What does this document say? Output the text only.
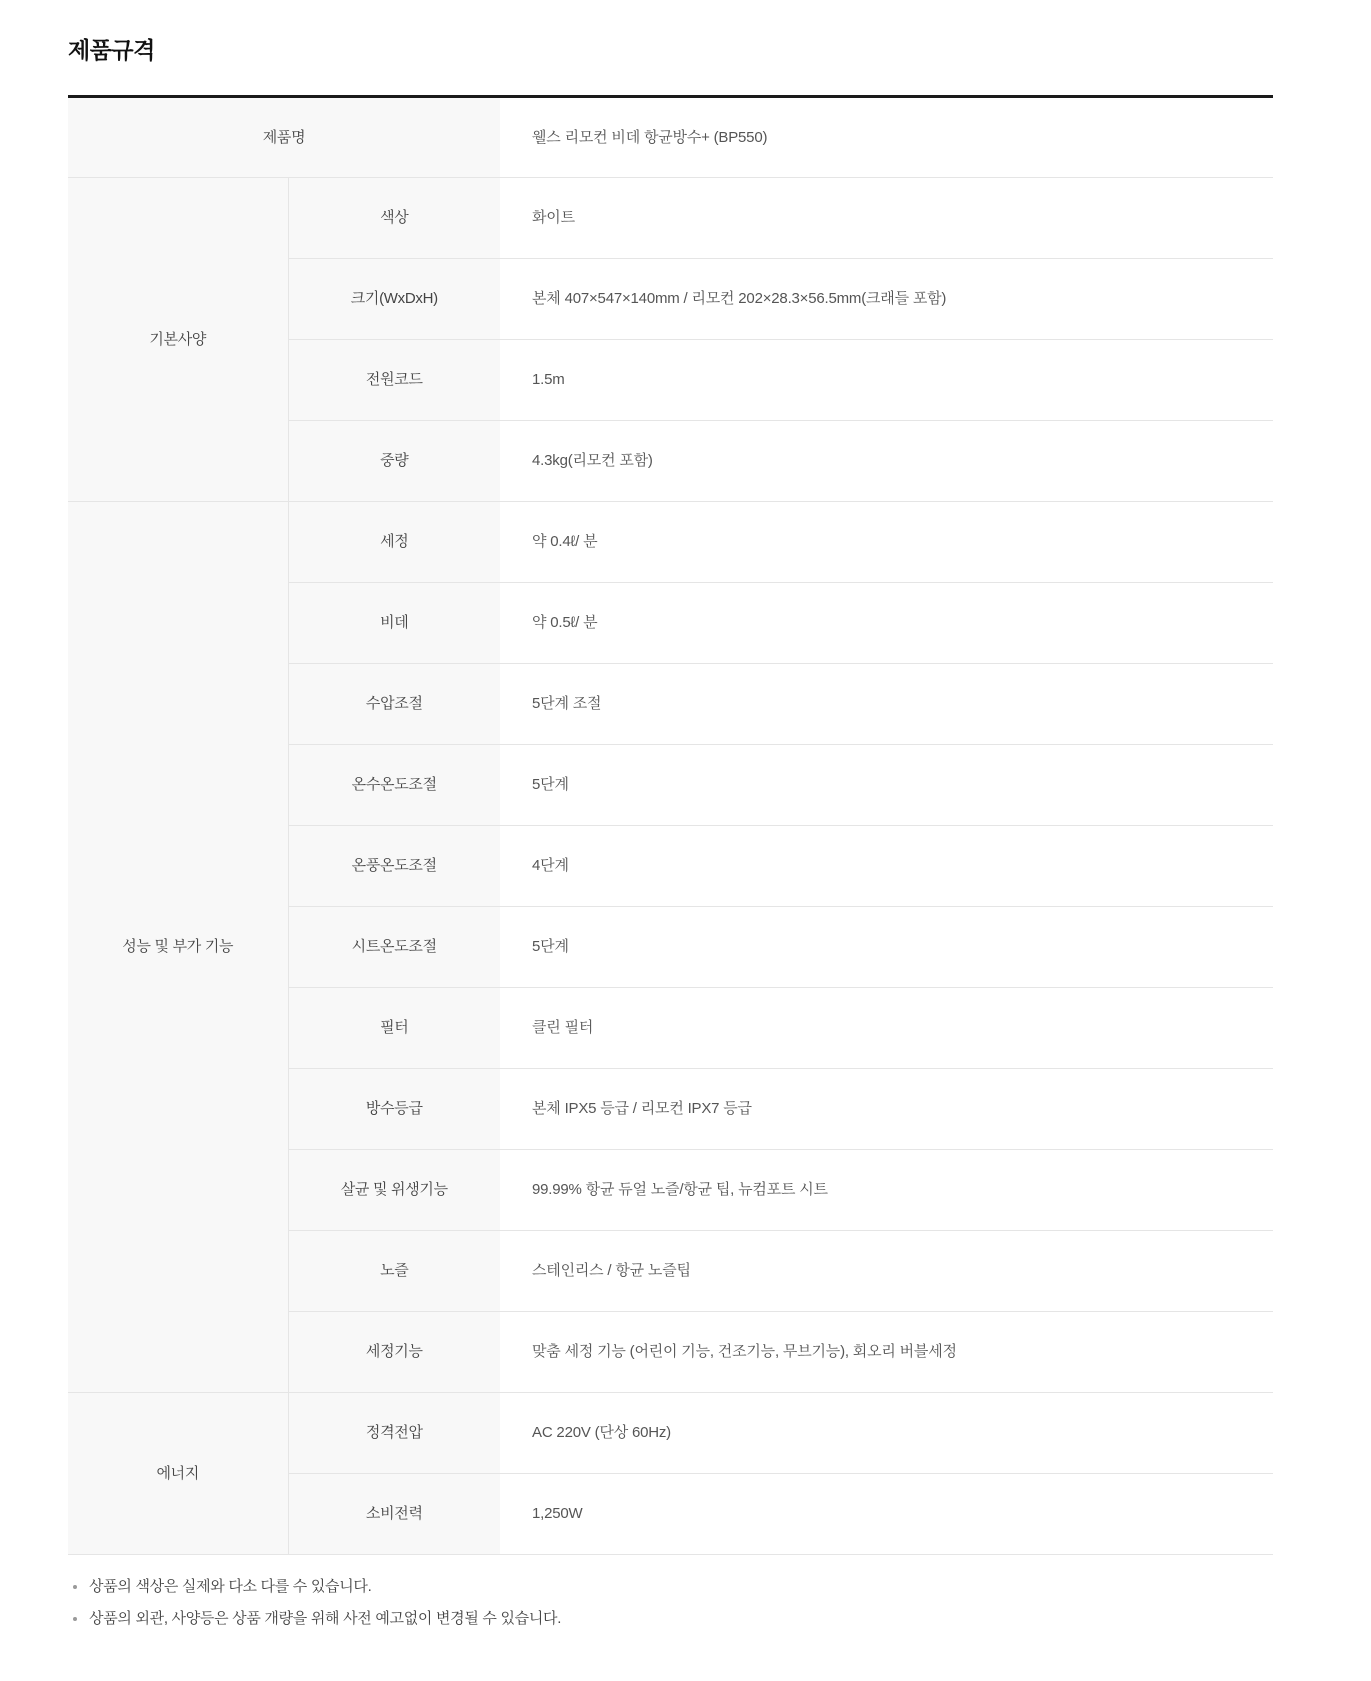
제품규격
제품명		웰스 리모컨 비데 항균방수+ (BP550)
기본사양	색상	화이트
	크기(WxDxH)	본체 407×547×140mm / 리모컨 202×28.3×56.5mm(크래들 포함)
	전원코드	1.5m
	중량	4.3kg(리모컨 포함)
성능 및 부가 기능	세정	약 0.4ℓ/ 분
	비데	약 0.5ℓ/ 분
	수압조절	5단계 조절
	온수온도조절	5단계
	온풍온도조절	4단계
	시트온도조절	5단계
	필터	클린 필터
	방수등급	본체 IPX5 등급 / 리모컨 IPX7 등급
	살균 및 위생기능	99.99% 항균 듀얼 노즐/항균 팁, 뉴컴포트 시트
	노즐	스테인리스 / 항균 노즐팁
	세정기능	맞춤 세정 기능 (어린이 기능, 건조기능, 무브기능), 회오리 버블세정
에너지	정격전압	AC 220V (단상 60Hz)
	소비전력	1,250W
상품의 색상은 실제와 다소 다를 수 있습니다.
상품의 외관, 사양등은 상품 개량을 위해 사전 예고없이 변경될 수 있습니다.
